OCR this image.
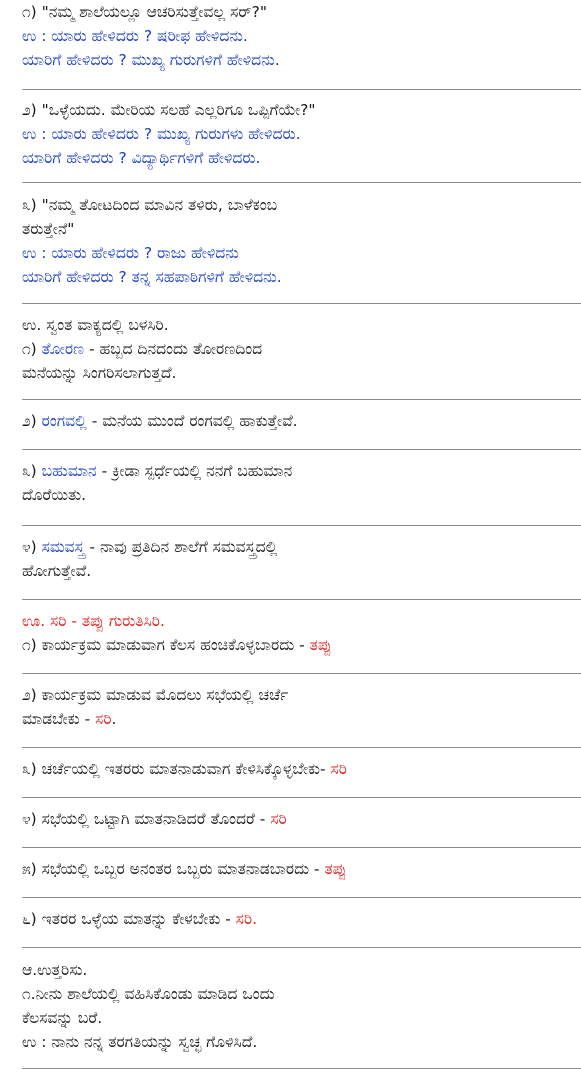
೧) "ನಮ್ಮ ಶಾಲೆಯಲ್ಲೂ ಆಚರಿಸುತ್ತೇವಲ್ಲ ಸರ್?"
ಉ : ಯಾರು ಹೇಳಿದರು ? ಷರೀಫ ಹೇಳಿದನು.
ಯಾರಿಗೆ ಹೇಳಿದರು ? ಮುಖ್ಯ ಗುರುಗಳಿಗೆ ಹೇಳಿದನು.
೨) "ಒಳ್ಳೆಯದು. ಮೇರಿಯ ಸಲಹೆ ಎಲ್ಲರಿಗೂ ಒಪ್ಪಿಗೆಯೇ?"
ಉ : ಯಾರು ಹೇಳಿದರು ? ಮುಖ್ಯ ಗುರುಗಳು ಹೇಳಿದರು.
ಯಾರಿಗೆ ಹೇಳಿದರು ? ವಿದ್ಯಾರ್ಥಿಗಳಿಗೆ ಹೇಳಿದರು.
೩) "ನಮ್ಮ ತೋಟದಿಂದ ಮಾವಿನ ತಳಿರು, ಬಾಳೆಕಂಬ
ತರುತ್ತೇನೆ"
ಉ : ಯಾರು ಹೇಳಿದರು ? ರಾಜು ಹೇಳಿದನು
ಯಾರಿಗೆ ಹೇಳಿದರು ? ತನ್ನ ಸಹಪಾಠಿಗಳಿಗೆ ಹೇಳಿದನು.
ಉ. ಸ್ವಂತ ವಾಕ್ಯದಲ್ಲಿ ಬಳಸಿರಿ.
೧) ತೋರಣ - ಹಬ್ಬದ ದಿನದಂದು ತೋರಣದಿಂದ
ಮನೆಯನ್ನು ಸಿಂಗರಿಸಲಾಗುತ್ತದೆ.
೨) ರಂಗವಲ್ಲಿ - ಮನೆಯ ಮುಂದೆ ರಂಗವಲ್ಲಿ ಹಾಕುತ್ತೇವೆ.
೩) ಬಹುಮಾನ - ಕ್ರೀಡಾ ಸ್ಪರ್ಧೆಯಲ್ಲಿ ನನಗೆ ಬಹುಮಾನ
ದೊರೆಯಿತು.
೪) ಸಮವಸ್ತ್ರ - ನಾವು ಪ್ರತಿದಿನ ಶಾಲೆಗೆ ಸಮವಸ್ತ್ರದಲ್ಲಿ
ಹೋಗುತ್ತೇವೆ.
ಊ. ಸರಿ - ತಪ್ಪು ಗುರುತಿಸಿರಿ.
೧) ಕಾರ್ಯಕ್ರಮ ಮಾಡುವಾಗ ಕೆಲಸ ಹಂಚಿಕೊಳ್ಳಬಾರದು - ತಪ್ಪು
೨) ಕಾರ್ಯಕ್ರಮ ಮಾಡುವ ಮೊದಲು ಸಭೆಯಲ್ಲಿ ಚರ್ಚೆ
ಮಾಡಬೇಕು - ಸರಿ.
೩) ಚರ್ಚೆಯಲ್ಲಿ ಇತರರು ಮಾತನಾಡುವಾಗ ಕೇಳಿಸಿಕ್ಕೊಳ್ಳಬೇಕು- ಸರಿ
೪) ಸಭೆಯಲ್ಲಿ ಒಟ್ಟಾಗಿ ಮಾತನಾಡಿದರೆ ತೊಂದರೆ - ಸರಿ
೫) ಸಭೆಯಲ್ಲಿ ಒಬ್ಬರ ಅನಂತರ ಒಬ್ಬರು ಮಾತನಾಡಬಾರದು - ತಪ್ಪು
೬) ಇತರರ ಒಳ್ಳೆಯ ಮಾತನ್ನು ಕೇಳಬೇಕು - ಸರಿ.
ಆ.ಉತ್ತರಿಸು.
೧.ನೀನು ಶಾಲೆಯಲ್ಲಿ ವಹಿಸಿಕೊಂಡು ಮಾಡಿದ ಒಂದು
ಕೆಲಸವನ್ನು ಬರೆ.
ಉ : ನಾನು ನನ್ನ ತರಗತಿಯನ್ನು ಸ್ವಚ್ಛ ಗೊಳಿಸಿದೆ.
